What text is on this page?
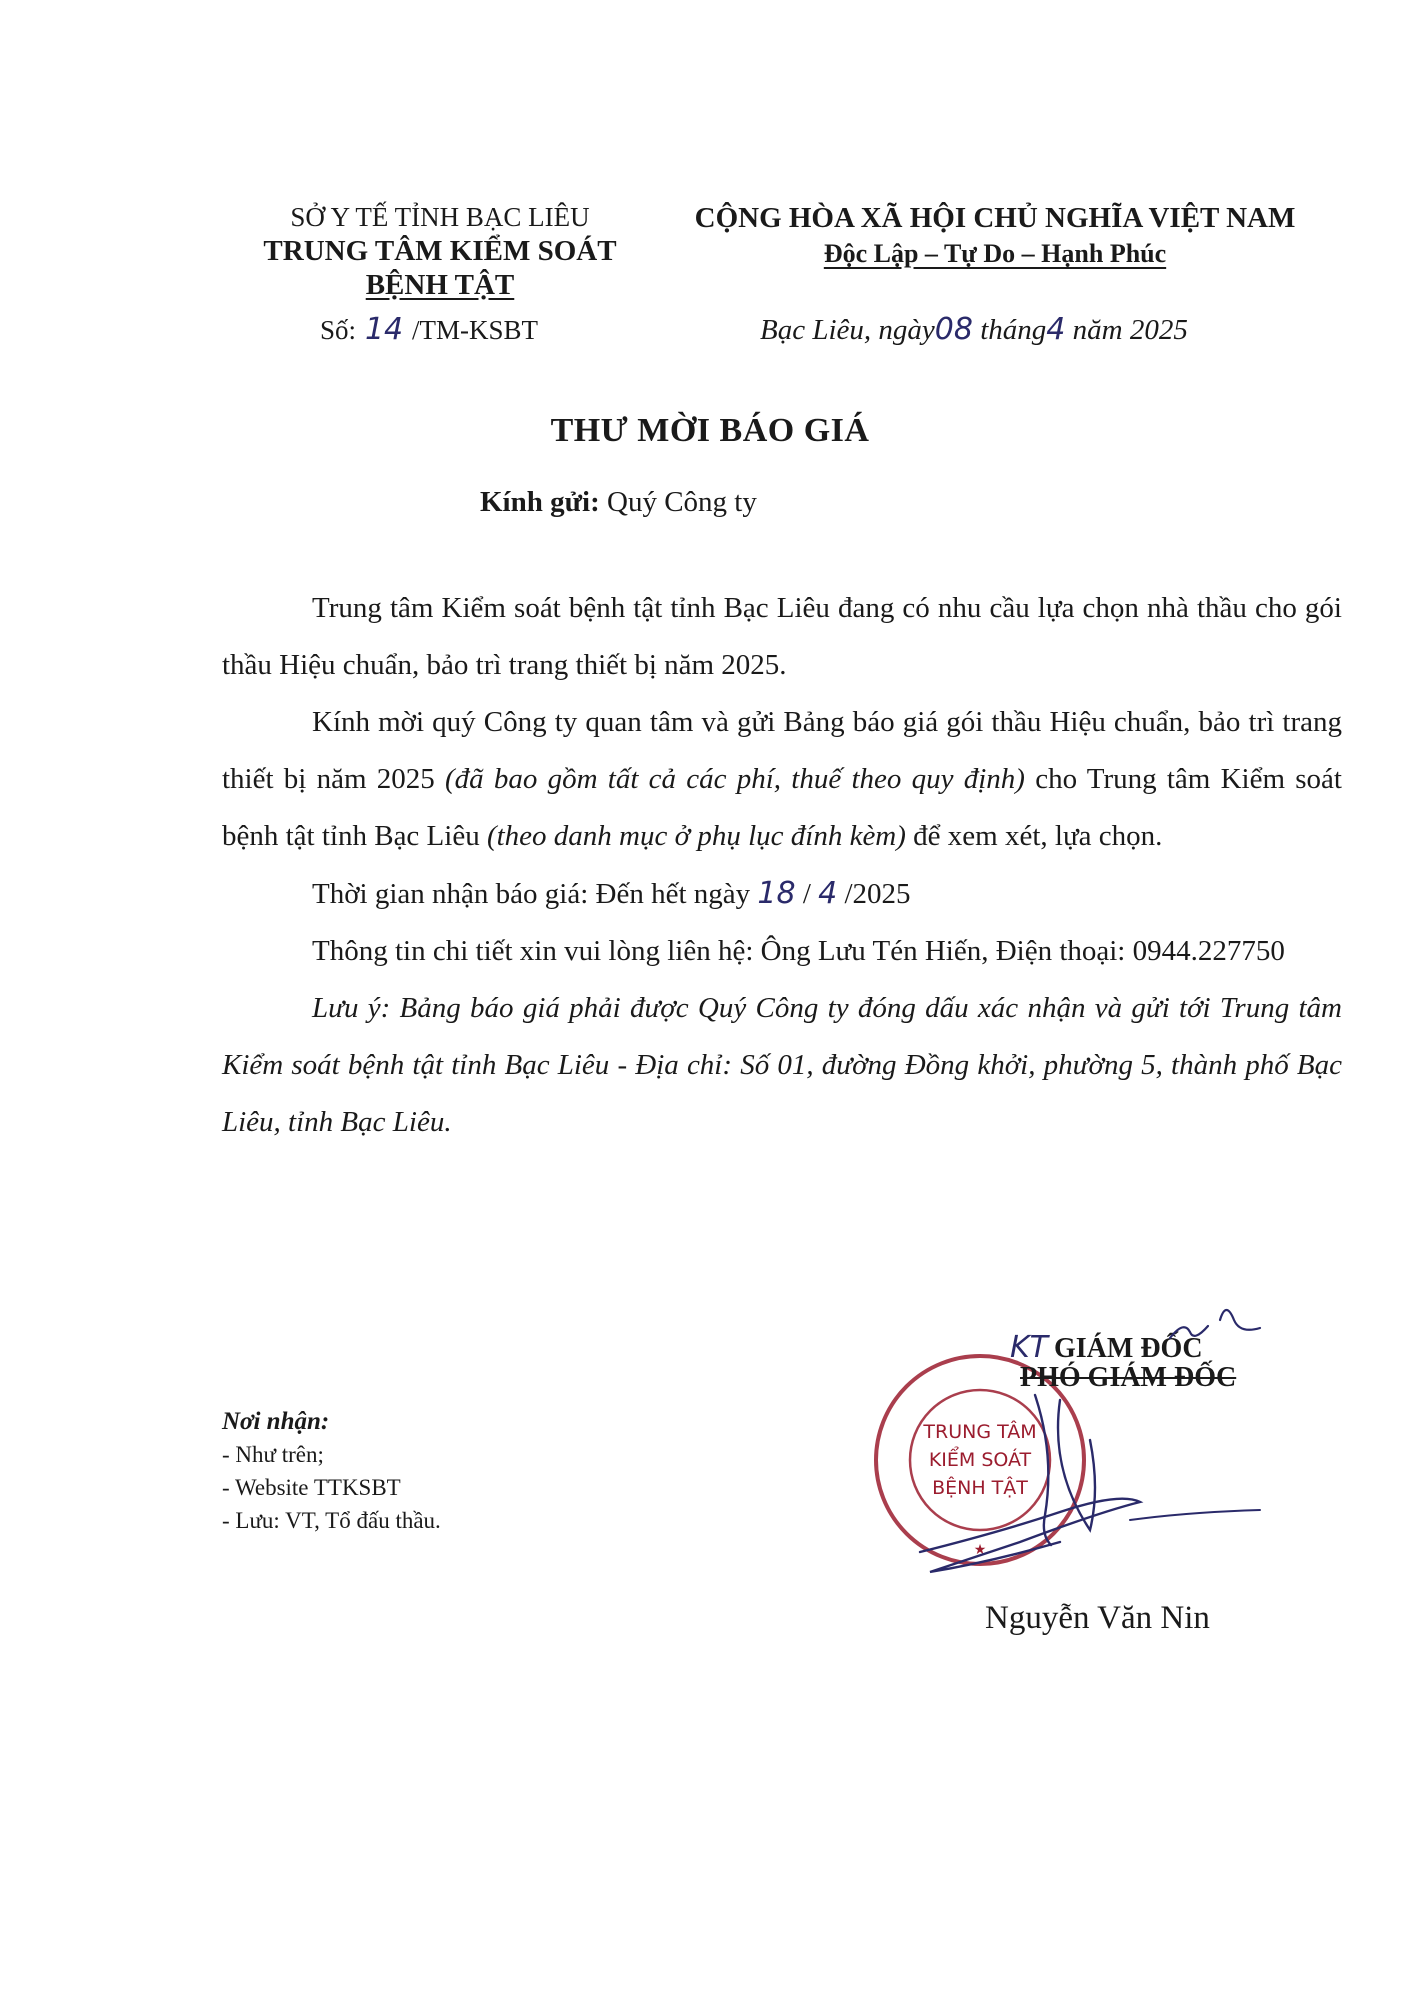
SỞ Y TẾ TỈNH BẠC LIÊU
TRUNG TÂM KIỂM SOÁT
BỆNH TẬT
Số: 14 /TM-KSBT
CỘNG HÒA XÃ HỘI CHỦ NGHĨA VIỆT NAM
Độc Lập – Tự Do – Hạnh Phúc
Bạc Liêu, ngày08 tháng4 năm 2025
THƯ MỜI BÁO GIÁ
Kính gửi: Quý Công ty

Trung tâm Kiểm soát bệnh tật tỉnh Bạc Liêu đang có nhu cầu lựa chọn nhà thầu cho gói thầu Hiệu chuẩn, bảo trì trang thiết bị năm 2025.

Kính mời quý Công ty quan tâm và gửi Bảng báo giá gói thầu Hiệu chuẩn, bảo trì trang thiết bị năm 2025 (đã bao gồm tất cả các phí, thuế theo quy định) cho Trung tâm Kiểm soát bệnh tật tỉnh Bạc Liêu (theo danh mục ở phụ lục đính kèm) để xem xét, lựa chọn.

Thời gian nhận báo giá: Đến hết ngày 18 / 4 /2025

Thông tin chi tiết xin vui lòng liên hệ: Ông Lưu Tén Hiến, Điện thoại: 0944.227750

Lưu ý: Bảng báo giá phải được Quý Công ty đóng dấu xác nhận và gửi tới Trung tâm Kiểm soát bệnh tật tỉnh Bạc Liêu - Địa chỉ: Số 01, đường Đồng khởi, phường 5, thành phố Bạc Liêu, tỉnh Bạc Liêu.

Nơi nhận:
- Như trên;
- Website TTKSBT
- Lưu: VT, Tổ đấu thầu.
TRUNG TÂM
KIỂM SOÁT
BỆNH TẬT
★
KT GIÁM ĐỐC
PHÓ GIÁM ĐỐC
Nguyễn Văn Nin
